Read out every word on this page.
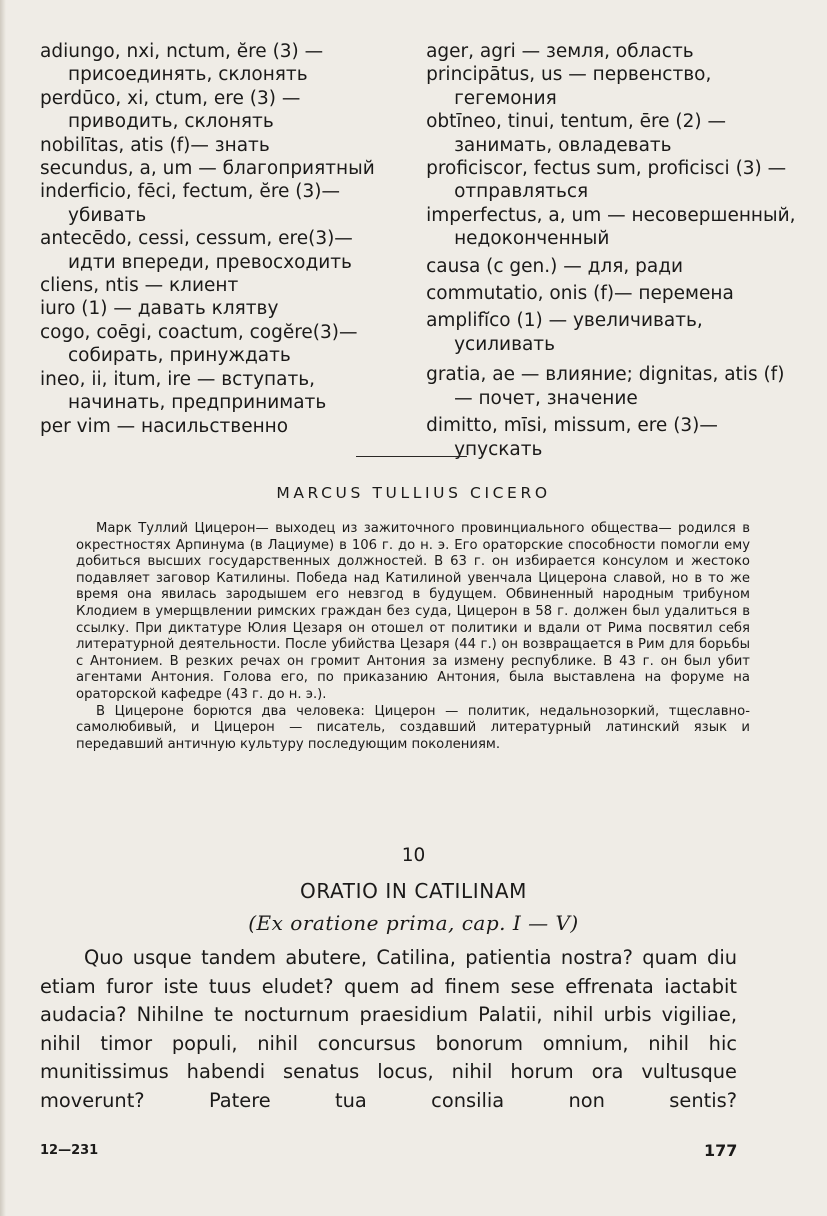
adiungo, nxi, nctum, ĕre (3) — присоединять, склонять

perdūco, xi, ctum, ere (3) — приводить, склонять

nobilītas, atis (f)— знать

secundus, a, um — благоприятный

inderficio, fēci, fectum, ĕre (3)— убивать

antecēdo, cessi, cessum, ere(3)— идти впереди, превосходить

cliens, ntis — клиент

iuro (1) — давать клятву

cogo, coēgi, coactum, cogĕre(3)— собирать, принуждать

ineo, ii, itum, ire — вступать, начинать, предпринимать

per vim — насильственно

ager, agri — земля, область

principātus, us — первенство, гегемония

obtīneo, tinui, tentum, ēre (2) — занимать, овладевать

proficiscor, fectus sum, proficisci (3) — отправляться

imperfectus, a, um — несовершенный, недоконченный

causa (с gen.) — для, ради

commutatio, onis (f)— перемена

amplifĭco (1) — увеличивать, усиливать

gratia, ae — влияние; dignitas, atis (f)— почет, значение

dimitto, mīsi, missum, ere (3)— упускать

MARCUS TULLIUS CICERO

Марк Туллий Цицерон— выходец из зажиточного провинциального общества— родился в окрестностях Арпинума (в Лациуме) в 106 г. до н. э. Его ораторские способности помогли ему добиться высших государственных должностей. В 63 г. он избирается консулом и жестоко подавляет заговор Катилины. Победа над Катилиной увенчала Цицерона славой, но в то же время она явилась зародышем его невзгод в будущем. Обвиненный народным трибуном Клодием в умерщвлении римских граждан без суда, Цицерон в 58 г. должен был удалиться в ссылку. При диктатуре Юлия Цезаря он отошел от политики и вдали от Рима посвятил себя литературной деятельности. После убийства Цезаря (44 г.) он возвращается в Рим для борьбы с Антонием. В резких речах он громит Антония за измену республике. В 43 г. он был убит агентами Антония. Голова его, по приказанию Антония, была выставлена на форуме на ораторской кафедре (43 г. до н. э.).

В Цицероне борются два человека: Цицерон — политик, недальнозоркий, тщеславно-самолюбивый, и Цицерон — писатель, создавший литературный латинский язык и передавший античную культуру последующим поколениям.

10
ORATIO IN CATILINAM
(Ex oratione prima, cap. I — V)

Quo usque tandem abutere, Catilina, patientia nostra? quam diu etiam furor iste tuus eludet? quem ad finem sese effrenata iactabit audacia? Nihilne te nocturnum praesidium Palatii, nihil urbis vigiliae, nihil timor populi, nihil concursus bonorum omnium, nihil hic munitissimus habendi senatus locus, nihil horum ora vultusque moverunt? Patere tua consilia non sentis?

12—231	177
